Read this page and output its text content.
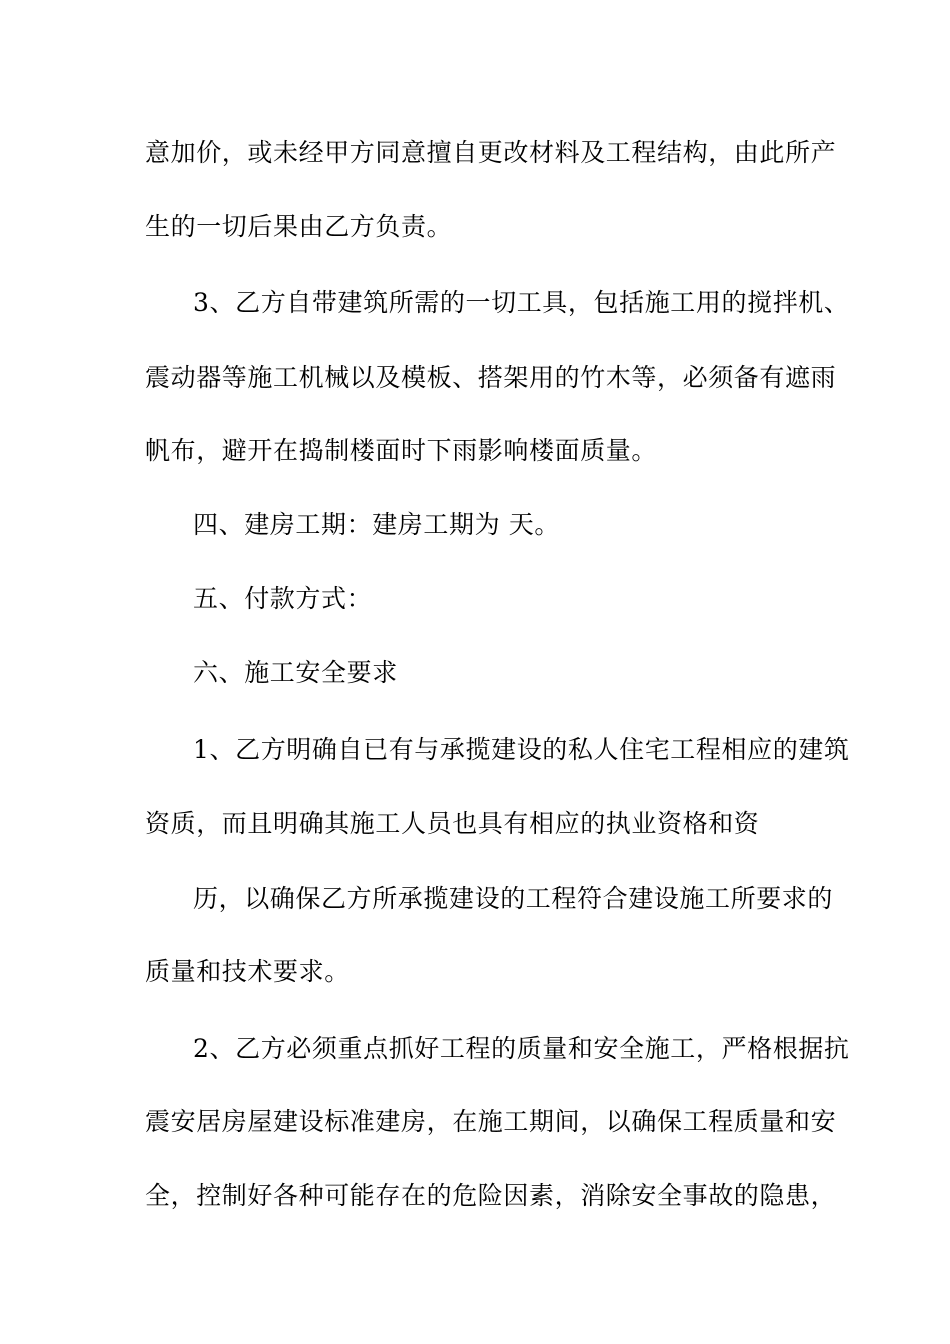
意加价，或未经甲方同意擅自更改材料及工程结构，由此所产
生的一切后果由乙方负责。
3、乙方自带建筑所需的一切工具，包括施工用的搅拌机、
震动器等施工机械以及模板、搭架用的竹木等，必须备有遮雨
帆布，避开在捣制楼面时下雨影响楼面质量。
四、建房工期：建房工期为 天。
五、付款方式：
六、施工安全要求
1、乙方明确自已有与承揽建设的私人住宅工程相应的建筑
资质，而且明确其施工人员也具有相应的执业资格和资
历，以确保乙方所承揽建设的工程符合建设施工所要求的
质量和技术要求。
2、乙方必须重点抓好工程的质量和安全施工，严格根据抗
震安居房屋建设标准建房，在施工期间，以确保工程质量和安
全，控制好各种可能存在的危险因素，消除安全事故的隐患，
